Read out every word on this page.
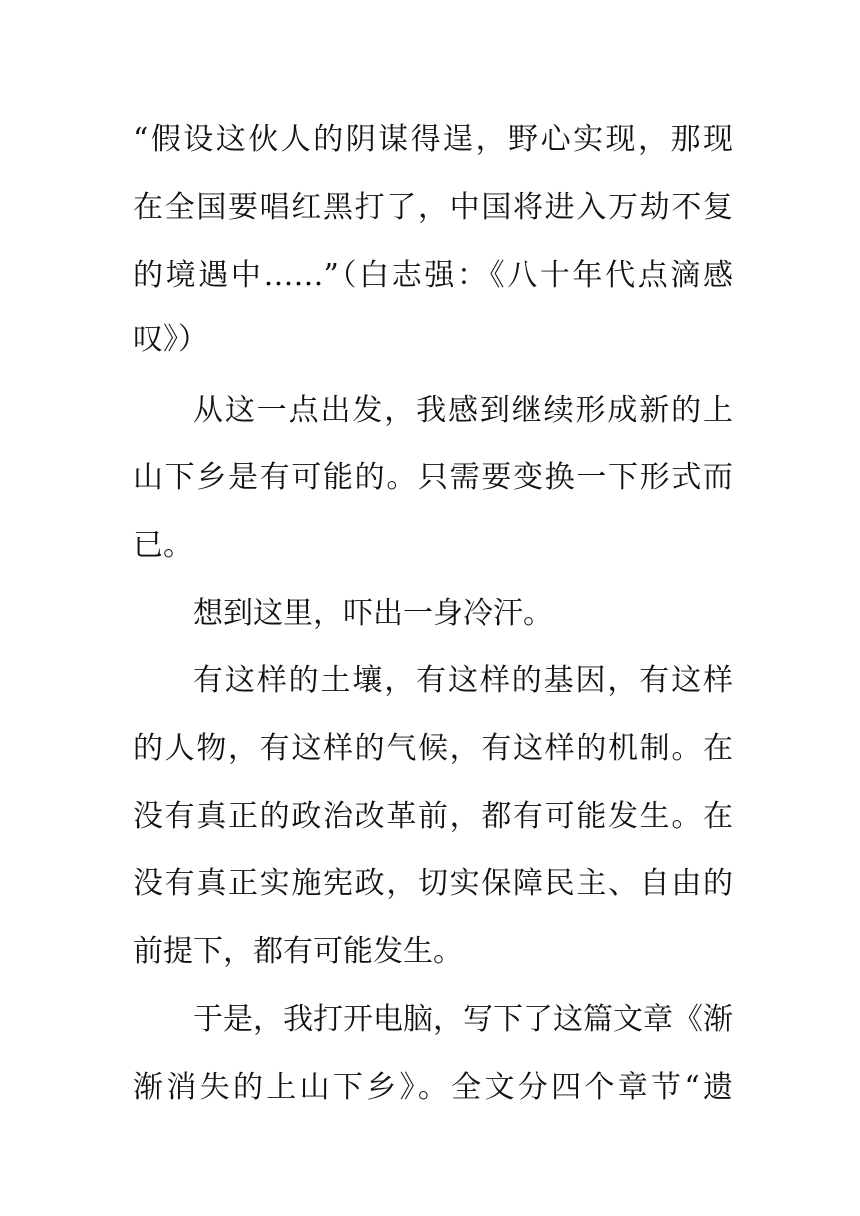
“假设这伙人的阴谋得逞，野心实现，那现
在全国要唱红黑打了，中国将进入万劫不复
的境遇中……”（白志强：《八十年代点滴感
叹》）
从这一点出发，我感到继续形成新的上
山下乡是有可能的。只需要变换一下形式而
已。
想到这里，吓出一身冷汗。
有这样的土壤，有这样的基因，有这样
的人物，有这样的气候，有这样的机制。在
没有真正的政治改革前，都有可能发生。在
没有真正实施宪政，切实保障民主、自由的
前提下，都有可能发生。
于是，我打开电脑，写下了这篇文章《渐
渐消失的上山下乡》。全文分四个章节“遗
